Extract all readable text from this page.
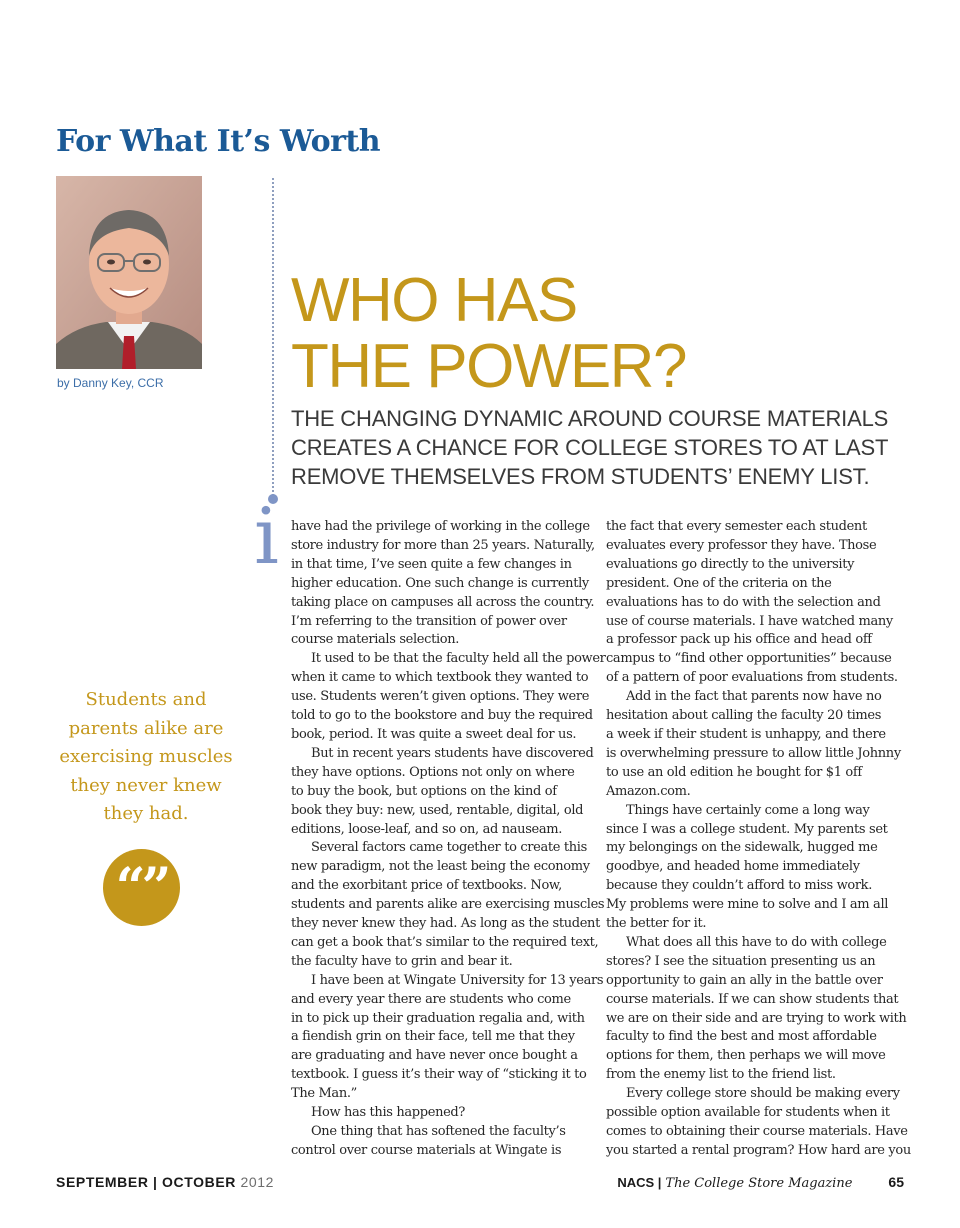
For What It’s Worth
by Danny Key, CCR
WHO HAS
THE POWER?
THE CHANGING DYNAMIC AROUND COURSE MATERIALS
CREATES A CHANCE FOR COLLEGE STORES TO AT LAST
REMOVE THEMSELVES FROM STUDENTS’ ENEMY LIST.
i have had the privilege of working in the college
store industry for more than 25 years. Naturally,
in that time, I’ve seen quite a few changes in
higher education. One such change is currently
taking place on campuses all across the country.
I’m referring to the transition of power over
course materials selection.
It used to be that the faculty held all the power
when it came to which textbook they wanted to
use. Students weren’t given options. They were
told to go to the bookstore and buy the required
book, period. It was quite a sweet deal for us.
But in recent years students have discovered
they have options. Options not only on where
to buy the book, but options on the kind of
book they buy: new, used, rentable, digital, old
editions, loose-leaf, and so on, ad nauseam.
Several factors came together to create this
new paradigm, not the least being the economy
and the exorbitant price of textbooks. Now,
students and parents alike are exercising muscles
they never knew they had. As long as the student
can get a book that’s similar to the required text,
the faculty have to grin and bear it.
I have been at Wingate University for 13 years
and every year there are students who come
in to pick up their graduation regalia and, with
a fiendish grin on their face, tell me that they
are graduating and have never once bought a
textbook. I guess it’s their way of “sticking it to
The Man.”
How has this happened?
One thing that has softened the faculty’s
control over course materials at Wingate is
the fact that every semester each student
evaluates every professor they have. Those
evaluations go directly to the university
president. One of the criteria on the
evaluations has to do with the selection and
use of course materials. I have watched many
a professor pack up his office and head off
campus to “find other opportunities” because
of a pattern of poor evaluations from students.
Add in the fact that parents now have no
hesitation about calling the faculty 20 times
a week if their student is unhappy, and there
is overwhelming pressure to allow little Johnny
to use an old edition he bought for $1 off
Amazon.com.
Things have certainly come a long way
since I was a college student. My parents set
my belongings on the sidewalk, hugged me
goodbye, and headed home immediately
because they couldn’t afford to miss work.
My problems were mine to solve and I am all
the better for it.
What does all this have to do with college
stores? I see the situation presenting us an
opportunity to gain an ally in the battle over
course materials. If we can show students that
we are on their side and are trying to work with
faculty to find the best and most affordable
options for them, then perhaps we will move
from the enemy list to the friend list.
Every college store should be making every
possible option available for students when it
comes to obtaining their course materials. Have
you started a rental program? How hard are you
Students and
parents alike are
exercising muscles
they never knew
they had.
“”
SEPTEMBER | OCTOBER 2012	NACS | The College Store Magazine	65
